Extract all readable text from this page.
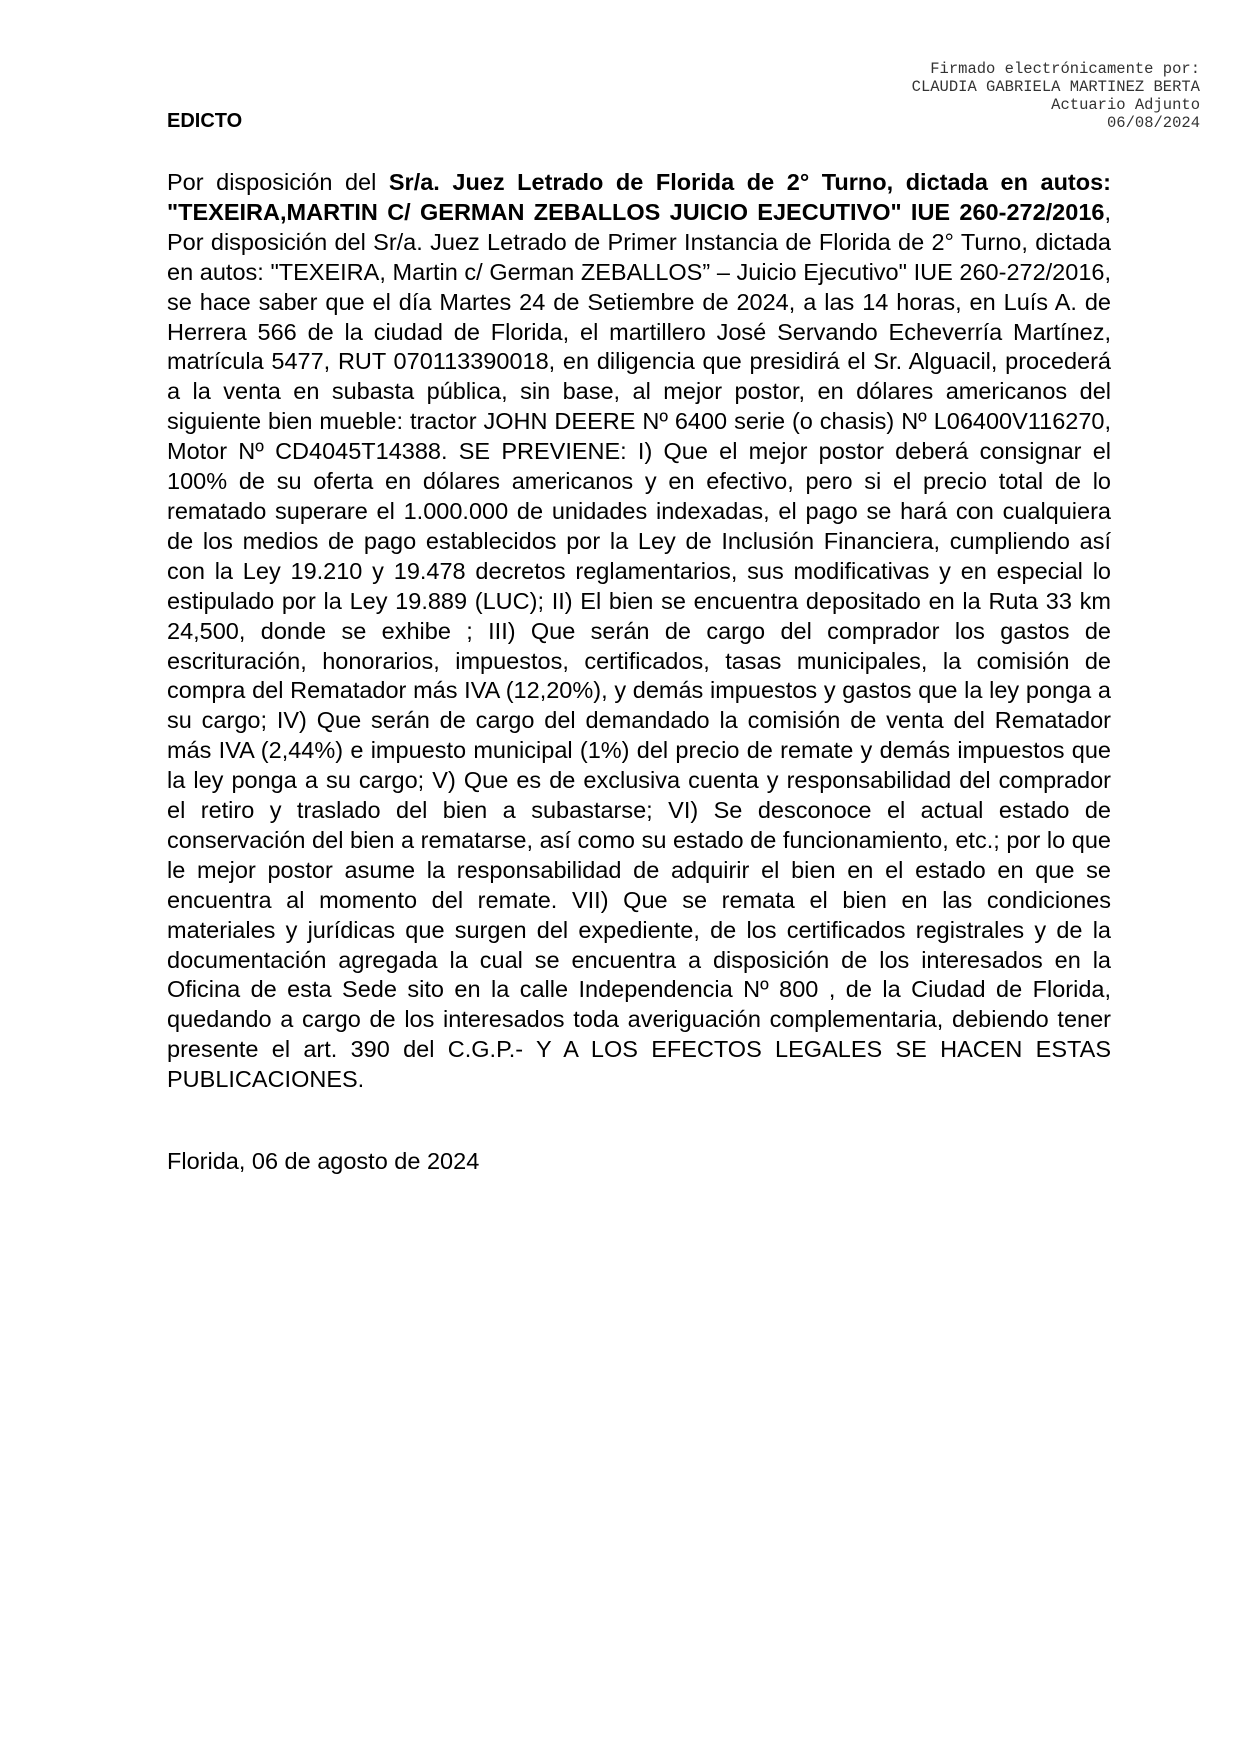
Firmado electrónicamente por:
CLAUDIA GABRIELA MARTINEZ BERTA
Actuario Adjunto
06/08/2024
EDICTO
Por disposición del Sr/a. Juez Letrado de Florida de 2° Turno, dictada en autos: "TEXEIRA,MARTIN C/ GERMAN ZEBALLOS JUICIO EJECUTIVO" IUE 260-272/2016, Por disposición del Sr/a. Juez Letrado de Primer Instancia de Florida de 2° Turno, dictada en autos: "TEXEIRA, Martin c/ German ZEBALLOS” – Juicio Ejecutivo" IUE 260-272/2016, se hace saber que el día Martes 24 de Setiembre de 2024, a las 14 horas, en Luís A. de Herrera 566 de la ciudad de Florida, el martillero José Servando Echeverría Martínez, matrícula 5477, RUT 070113390018, en diligencia que presidirá el Sr. Alguacil, procederá a la venta en subasta pública, sin base, al mejor postor, en dólares americanos del siguiente bien mueble: tractor JOHN DEERE Nº 6400 serie (o chasis) Nº L06400V116270, Motor Nº CD4045T14388. SE PREVIENE: I) Que el mejor postor deberá consignar el 100% de su oferta en dólares americanos y en efectivo, pero si el precio total de lo rematado superare el 1.000.000 de unidades indexadas, el pago se hará con cualquiera de los medios de pago establecidos por la Ley de Inclusión Financiera, cumpliendo así con la Ley 19.210 y 19.478 decretos reglamentarios, sus modificativas y en especial lo estipulado por la Ley 19.889 (LUC); II) El bien se encuentra depositado en la Ruta 33 km 24,500, donde se exhibe ; III) Que serán de cargo del comprador los gastos de escrituración, honorarios, impuestos, certificados, tasas municipales, la comisión de compra del Rematador más IVA (12,20%), y demás impuestos y gastos que la ley ponga a su cargo; IV) Que serán de cargo del demandado la comisión de venta del Rematador más IVA (2,44%) e impuesto municipal (1%) del precio de remate y demás impuestos que la ley ponga a su cargo; V) Que es de exclusiva cuenta y responsabilidad del comprador el retiro y traslado del bien a subastarse; VI) Se desconoce el actual estado de conservación del bien a rematarse, así como su estado de funcionamiento, etc.; por lo que le mejor postor asume la responsabilidad de adquirir el bien en el estado en que se encuentra al momento del remate. VII) Que se remata el bien en las condiciones materiales y jurídicas que surgen del expediente, de los certificados registrales y de la documentación agregada la cual se encuentra a disposición de los interesados en la Oficina de esta Sede sito en la calle Independencia Nº 800 , de la Ciudad de Florida, quedando a cargo de los interesados toda averiguación complementaria, debiendo tener presente el art. 390 del C.G.P.- Y A LOS EFECTOS LEGALES SE HACEN ESTAS PUBLICACIONES.
Florida, 06 de agosto de 2024
